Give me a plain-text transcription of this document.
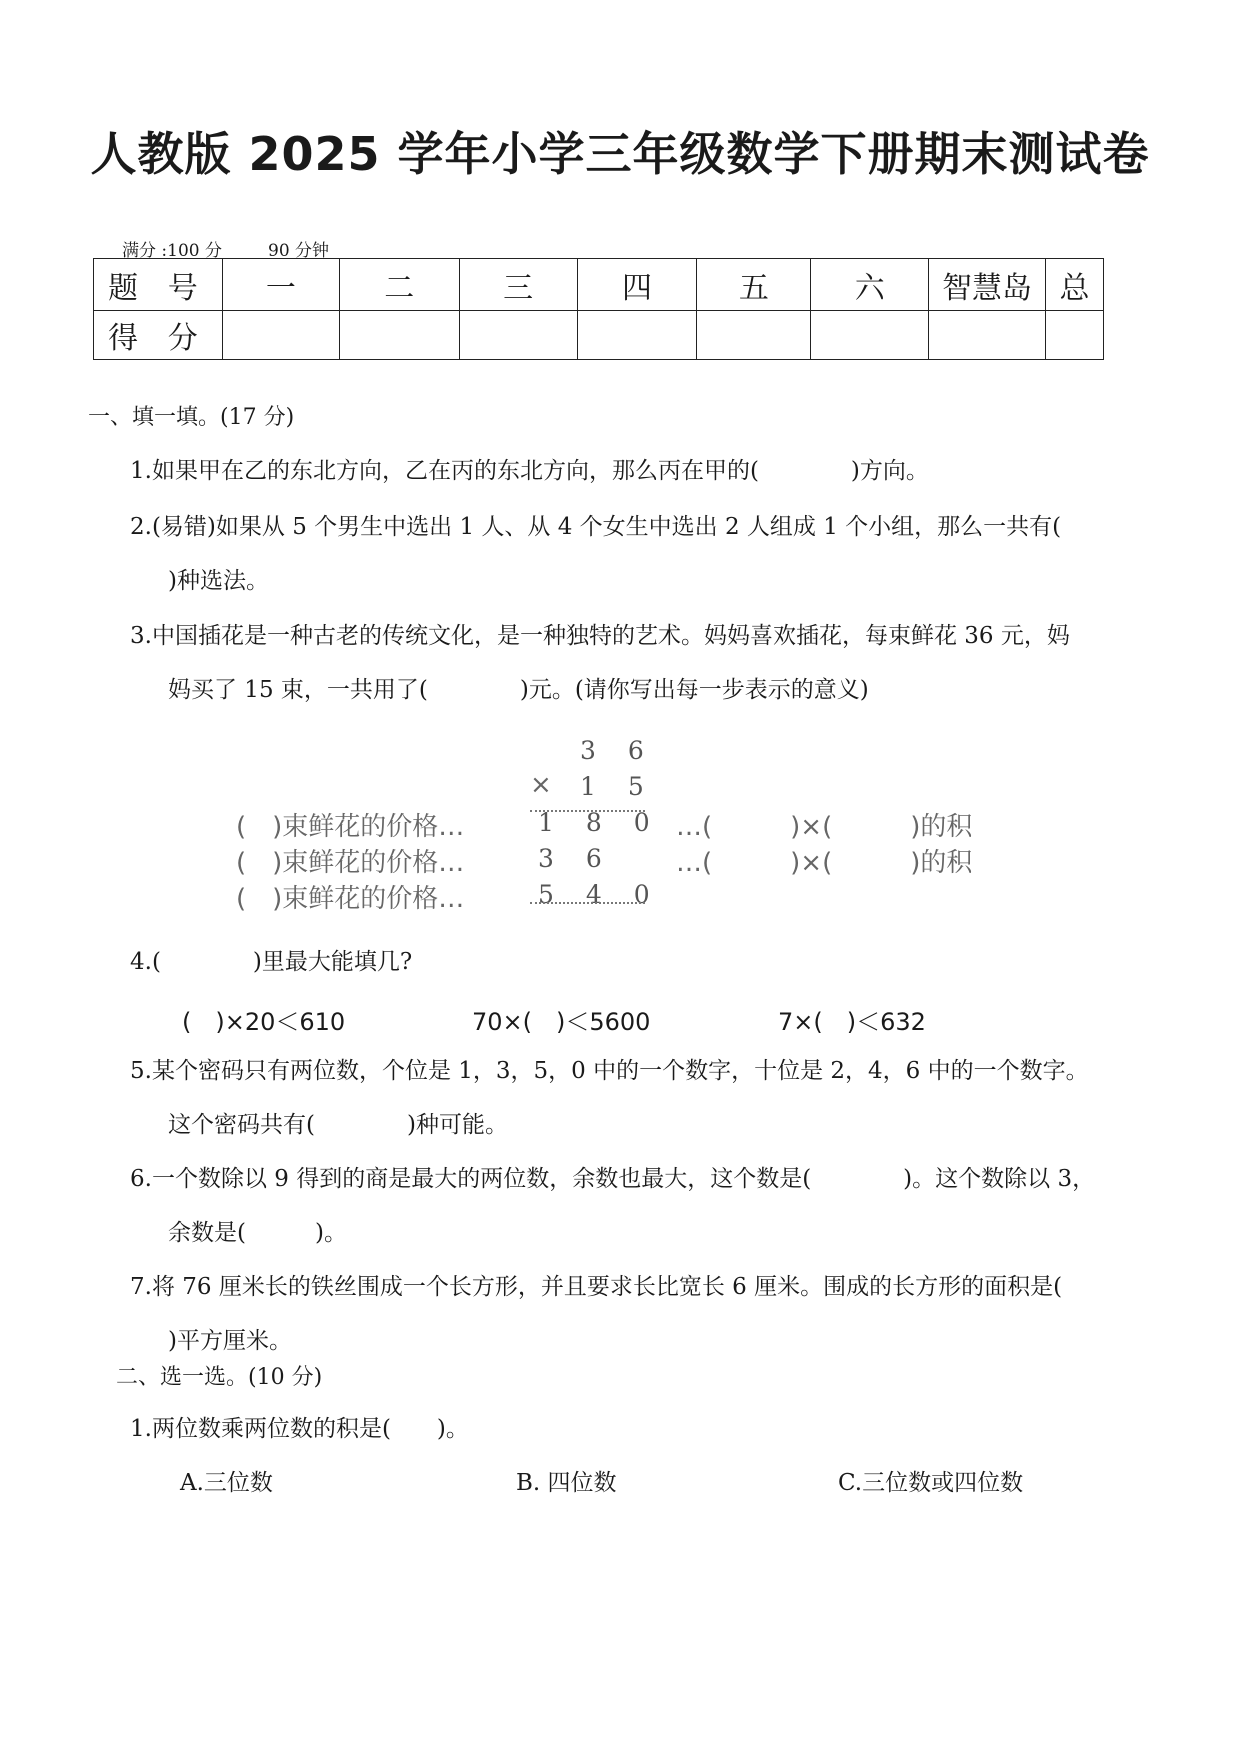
人教版 2025 学年小学三年级数学下册期末测试卷
满分 :100 分	90 分钟
题 号	一	二	三	四	五	六	智慧岛	总
得 分								
一、填一填。(17 分)
1.如果甲在乙的东北方向，乙在丙的东北方向，那么丙在甲的(　　　　)方向。
2.(易错)如果从 5 个男生中选出 1 人、从 4 个女生中选出 2 人组成 1 个小组，那么一共有(
)种选法。
3.中国插花是一种古老的传统文化，是一种独特的艺术。妈妈喜欢插花，每束鲜花 36 元，妈
妈买了 15 束，一共用了(　　　　)元。(请你写出每一步表示的意义)
3 6
× 1 5
(　)束鲜花的价格…	1 8 0 …(　　　)×(　　　)的积
(　)束鲜花的价格…	3 6 …(　　　)×(　　　)的积
(　)束鲜花的价格…	5 4 0
4.(　　　　)里最大能填几?
(　)×20＜610	70×(　)＜5600	7×(　)＜632
5.某个密码只有两位数，个位是 1，3，5，0 中的一个数字，十位是 2，4，6 中的一个数字。
这个密码共有(　　　　)种可能。
6.一个数除以 9 得到的商是最大的两位数，余数也最大，这个数是(　　　　)。这个数除以 3，
余数是(　　　)。
7.将 76 厘米长的铁丝围成一个长方形，并且要求长比宽长 6 厘米。围成的长方形的面积是(
)平方厘米。
二、选一选。(10 分)
1.两位数乘两位数的积是(　　)。
A.三位数	B. 四位数	C.三位数或四位数
